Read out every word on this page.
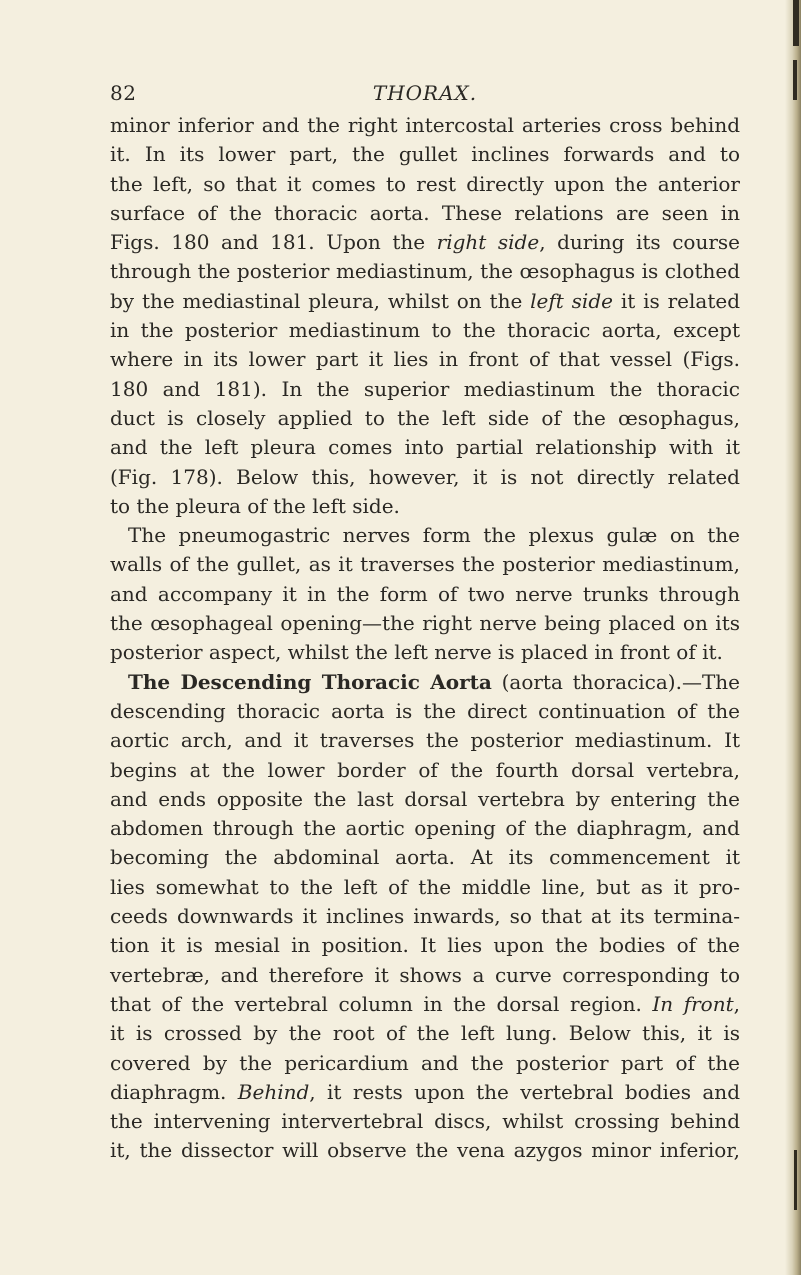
82	THORAX.
minor inferior and the right intercostal arteries cross behind
it. In its lower part, the gullet inclines forwards and to
the left, so that it comes to rest directly upon the anterior
surface of the thoracic aorta. These relations are seen in
Figs. 180 and 181. Upon the right side, during its course
through the posterior mediastinum, the œsophagus is clothed
by the mediastinal pleura, whilst on the left side it is related
in the posterior mediastinum to the thoracic aorta, except
where in its lower part it lies in front of that vessel (Figs.
180 and 181). In the superior mediastinum the thoracic
duct is closely applied to the left side of the œsophagus,
and the left pleura comes into partial relationship with it
(Fig. 178). Below this, however, it is not directly related
to the pleura of the left side.
The pneumogastric nerves form the plexus gulæ on the
walls of the gullet, as it traverses the posterior mediastinum,
and accompany it in the form of two nerve trunks through
the œsophageal opening—the right nerve being placed on its
posterior aspect, whilst the left nerve is placed in front of it.
The Descending Thoracic Aorta (aorta thoracica).—The
descending thoracic aorta is the direct continuation of the
aortic arch, and it traverses the posterior mediastinum. It
begins at the lower border of the fourth dorsal vertebra,
and ends opposite the last dorsal vertebra by entering the
abdomen through the aortic opening of the diaphragm, and
becoming the abdominal aorta. At its commencement it
lies somewhat to the left of the middle line, but as it pro-
ceeds downwards it inclines inwards, so that at its termina-
tion it is mesial in position. It lies upon the bodies of the
vertebræ, and therefore it shows a curve corresponding to
that of the vertebral column in the dorsal region. In front,
it is crossed by the root of the left lung. Below this, it is
covered by the pericardium and the posterior part of the
diaphragm. Behind, it rests upon the vertebral bodies and
the intervening intervertebral discs, whilst crossing behind
it, the dissector will observe the vena azygos minor inferior,
